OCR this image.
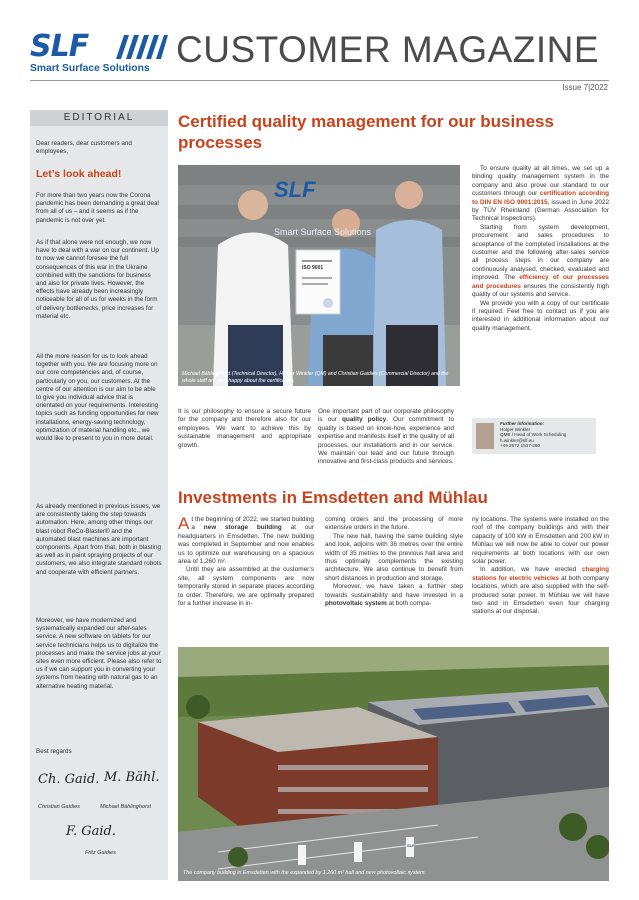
SLF
Smart Surface Solutions CUSTOMER MAGAZINE
Issue 7|2022
EDITORIAL
Dear readers, dear customers and employees,
Let’s look ahead!
For more than two years now the Corona pandemic has been demanding a great deal from all of us – and it seems as if the pandemic is not over yet.
As if that alone were not enough, we now have to deal with a war on our continent. Up to now we cannot foresee the full consequences of this war in the Ukraine combined with the sanctions for business and also for private lives. However, the effects have already been increasingly noticeable for all of us for weeks in the form of delivery bottlenecks, price increases for material etc.
All the more reason for us to look ahead together with you. We are focusing more on our core competencies and, of course, particularly on you, our customers. At the centre of our attention is our aim to be able to give you individual advice that is orientated on your requirements. Interesting topics such as funding opportunities for new installations, energy-saving technology, optimization of material handling etc., we would like to present to you in more detail.
As already mentioned in previous issues, we are consistently taking the step towards automation. Here, among other things our blast robot ReCo-Blaster® and the automated blast machines are important components. Apart from that, both in blasting as well as in paint spraying projects of our customers, we also integrate standard robots and cooperate with efficient partners.
Moreover, we have modernized and systematically expanded our after-sales service. A new software on tablets for our service technicians helps us to digitalize the processes and make the service jobs at your sites even more efficient. Please also refer to us if we can support you in converting your systems from heating with natural gas to an alternative heating material.
Best regards
Ch. Gaid. M. Bähl.
Christian Gaidies	Michael Bählinghorst
F. Gaid.
Fritz Gaidies
Certified quality management for our business processes
SLF
Smart Surface Solutions
ISO 9001
Michael Bählinghorst (Technical Director), Holger Winkler (QM) and Christian Gaidies (Commercial Director) and the whole staff are very happy about the certification.
It is our philosophy to ensure a secure future for the company and therefore also for our employees. We want to achieve this by sustainable management and appropriate growth.
One important part of our corporate philosophy is our quality policy. Our commitment to quality is based on know-how, experience and expertise and manifests itself in the quality of all processes, our installations and in our service. We maintain our lead and our future through innovative and first-class products and services.

To ensure quality at all times, we set up a binding quality management system in the company and also prove our standard to our customers through our certification according to DIN EN ISO 9001:2015, issued in June 2022 by TÜV Rheinland (German Association for Technical Inspections).

Starting from system development, procurement and sales procedures to acceptance of the completed installations at the customer and the following after-sales service all process steps in our company are continuously analysed, checked, evaluated and improved. The efficiency of our processes and procedures ensures the consistently high quality of our systems and service.

We provide you with a copy of our certificate if required. Feel free to contact us if you are interested in additional information about our quality management.

Further information:
Holger Winkler
QMB / Head of Work Scheduling
h.winkler@slf.eu
+49 2572 1537-260
Investments in Emsdetten and Mühlau

At the beginning of 2022, we started building a new storage building at our headquarters in Emsdetten. The new building was completed in September and now enables us to optimize our warehousing on a spacious area of 1,260 m².

Until they are assembled at the customer’s site, all system components are now temporarily stored in separate places according to order. Therefore, we are optimally prepared for a further increase in in-

coming orders and the processing of more extensive orders in the future.

The new hall, having the same building style and look, adjoins with 36 metres over the entire width of 35 metres to the previous hall area and thus optimally complements the existing architecture. We also continue to benefit from short distances in production and storage.

Moreover, we have taken a further step towards sustainability and have invested in a photovoltaic system at both compa-

ny locations. The systems were installed on the roof of the company buildings and with their capacity of 100 kW in Emsdetten and 200 kW in Mühlau we will now be able to cover our power requirements at both locations with our own solar power.

In addition, we have erected charging stations for electric vehicles at both company locations, which are also supplied with the self-produced solar power. In Mühlau we will have two and in Emsdetten even four charging stations at our disposal.

SLF
The company building in Emsdetten with the expanded by 1,260 m² hall and new photovoltaic system.
